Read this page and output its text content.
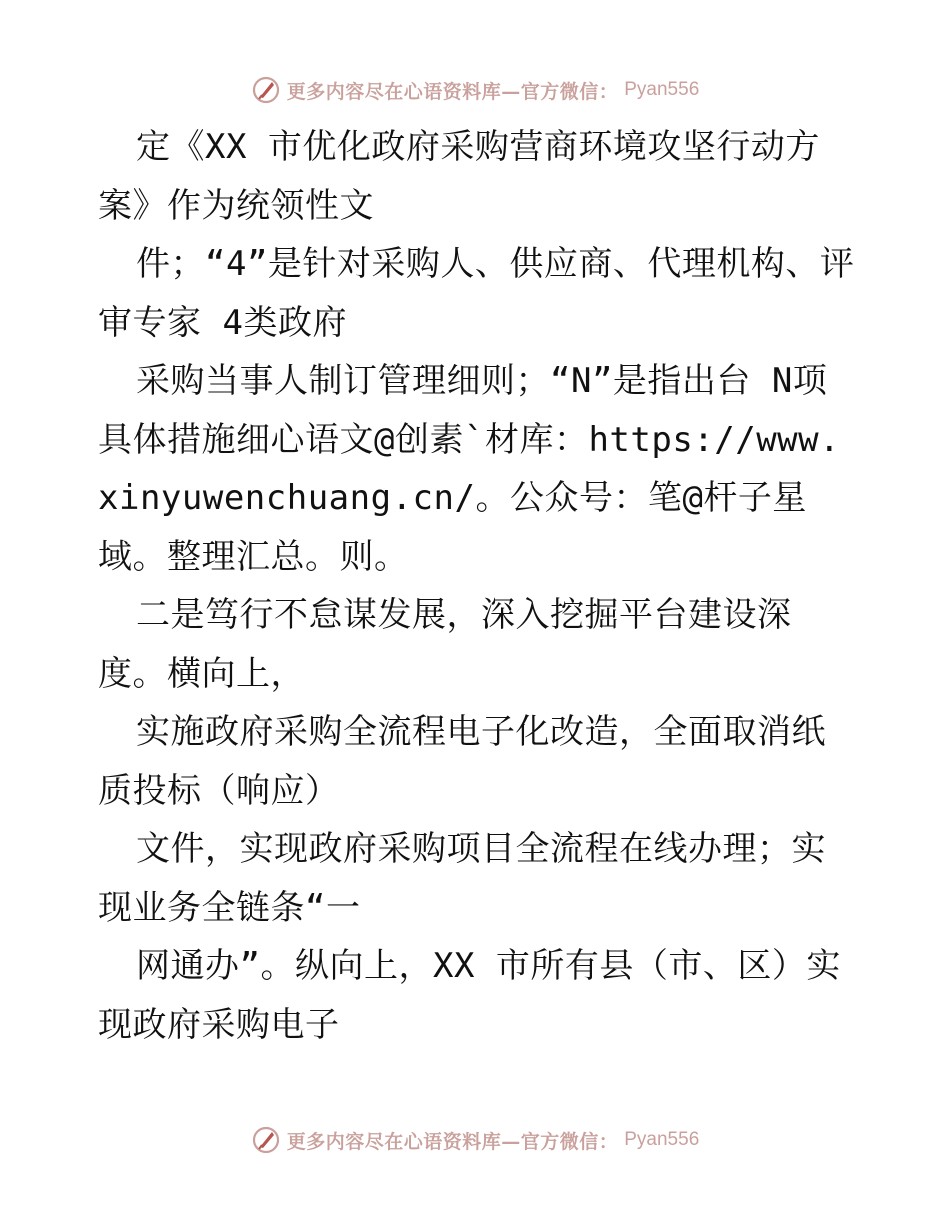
更多内容尽在心语资料库—官方微信： Pyan556

定《XX 市优化政府采购营商环境攻坚行动方案》作为统领性文

件；“4”是针对采购人、供应商、代理机构、评审专家 4类政府

采购当事人制订管理细则；“N”是指出台 N项具体措施细心语文@创素`材库：https://www.xinyuwenchuang.cn/。公众号：笔@杆子星域。整理汇总。则。

二是笃行不怠谋发展，深入挖掘平台建设深度。横向上，

实施政府采购全流程电子化改造，全面取消纸质投标（响应）

文件，实现政府采购项目全流程在线办理；实现业务全链条“一

网通办”。纵向上，XX 市所有县（市、区）实现政府采购电子

更多内容尽在心语资料库—官方微信： Pyan556
